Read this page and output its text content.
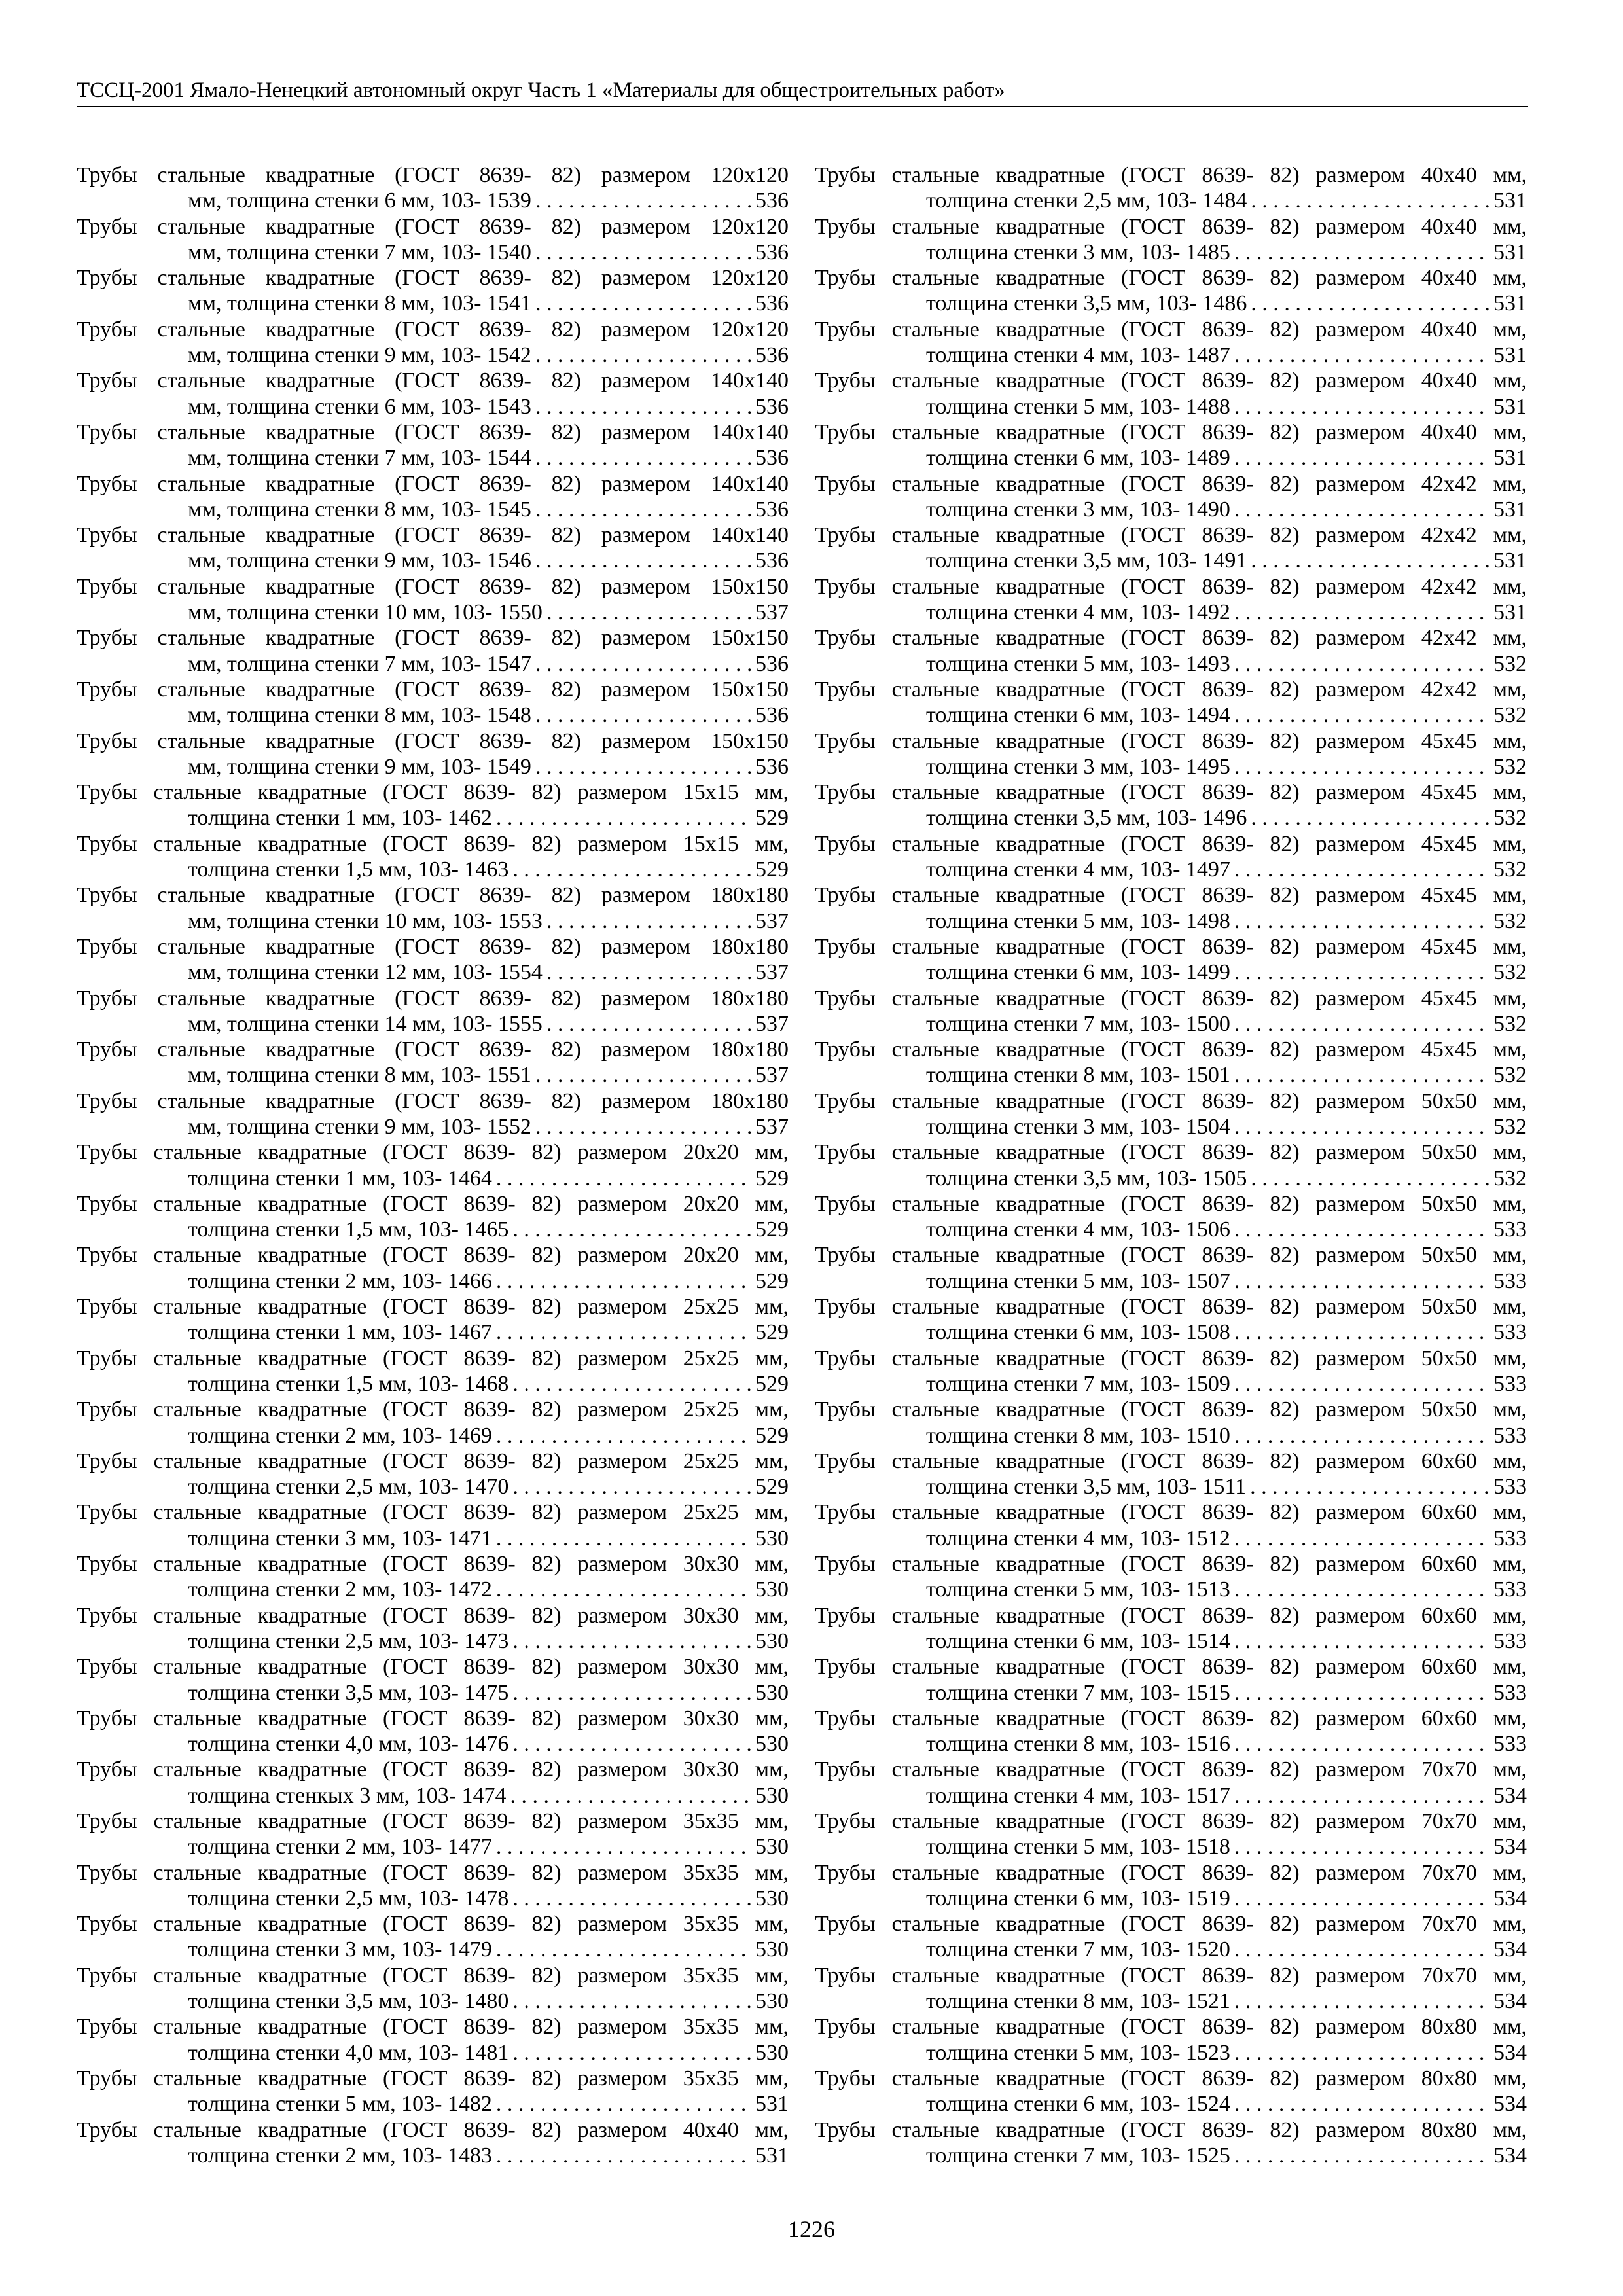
ТССЦ-2001 Ямало-Ненецкий автономный округ Часть 1 «Материалы для общестроительных работ»
Трубы стальные квадратные (ГОСТ 8639- 82) размером 120х120
мм, толщина стенки 6 мм, 103- 1539 . . .	536
Трубы стальные квадратные (ГОСТ 8639- 82) размером 120х120
мм, толщина стенки 7 мм, 103- 1540 . . .	536
Трубы стальные квадратные (ГОСТ 8639- 82) размером 120х120
мм, толщина стенки 8 мм, 103- 1541 . . .	536
Трубы стальные квадратные (ГОСТ 8639- 82) размером 120х120
мм, толщина стенки 9 мм, 103- 1542 . . .	536
Трубы стальные квадратные (ГОСТ 8639- 82) размером 140х140
мм, толщина стенки 6 мм, 103- 1543 . . .	536
Трубы стальные квадратные (ГОСТ 8639- 82) размером 140х140
мм, толщина стенки 7 мм, 103- 1544 . . .	536
Трубы стальные квадратные (ГОСТ 8639- 82) размером 140х140
мм, толщина стенки 8 мм, 103- 1545 . . .	536
Трубы стальные квадратные (ГОСТ 8639- 82) размером 140х140
мм, толщина стенки 9 мм, 103- 1546 . . .	536
Трубы стальные квадратные (ГОСТ 8639- 82) размером 150х150
мм, толщина стенки 10 мм, 103- 1550 . . .	537
Трубы стальные квадратные (ГОСТ 8639- 82) размером 150х150
мм, толщина стенки 7 мм, 103- 1547 . . .	536
Трубы стальные квадратные (ГОСТ 8639- 82) размером 150х150
мм, толщина стенки 8 мм, 103- 1548 . . .	536
Трубы стальные квадратные (ГОСТ 8639- 82) размером 150х150
мм, толщина стенки 9 мм, 103- 1549 . . .	536
Трубы стальные квадратные (ГОСТ 8639- 82) размером 15х15 мм,
толщина стенки 1 мм, 103- 1462 . . .	529
Трубы стальные квадратные (ГОСТ 8639- 82) размером 15х15 мм,
толщина стенки 1,5 мм, 103- 1463 . . .	529
Трубы стальные квадратные (ГОСТ 8639- 82) размером 180х180
мм, толщина стенки 10 мм, 103- 1553 . . .	537
Трубы стальные квадратные (ГОСТ 8639- 82) размером 180х180
мм, толщина стенки 12 мм, 103- 1554 . . .	537
Трубы стальные квадратные (ГОСТ 8639- 82) размером 180х180
мм, толщина стенки 14 мм, 103- 1555 . . .	537
Трубы стальные квадратные (ГОСТ 8639- 82) размером 180х180
мм, толщина стенки 8 мм, 103- 1551 . . .	537
Трубы стальные квадратные (ГОСТ 8639- 82) размером 180х180
мм, толщина стенки 9 мм, 103- 1552 . . .	537
Трубы стальные квадратные (ГОСТ 8639- 82) размером 20х20 мм,
толщина стенки 1 мм, 103- 1464 . . .	529
Трубы стальные квадратные (ГОСТ 8639- 82) размером 20х20 мм,
толщина стенки 1,5 мм, 103- 1465 . . .	529
Трубы стальные квадратные (ГОСТ 8639- 82) размером 20х20 мм,
толщина стенки 2 мм, 103- 1466 . . .	529
Трубы стальные квадратные (ГОСТ 8639- 82) размером 25х25 мм,
толщина стенки 1 мм, 103- 1467 . . .	529
Трубы стальные квадратные (ГОСТ 8639- 82) размером 25х25 мм,
толщина стенки 1,5 мм, 103- 1468 . . .	529
Трубы стальные квадратные (ГОСТ 8639- 82) размером 25х25 мм,
толщина стенки 2 мм, 103- 1469 . . .	529
Трубы стальные квадратные (ГОСТ 8639- 82) размером 25х25 мм,
толщина стенки 2,5 мм, 103- 1470 . . .	529
Трубы стальные квадратные (ГОСТ 8639- 82) размером 25х25 мм,
толщина стенки 3 мм, 103- 1471 . . .	530
Трубы стальные квадратные (ГОСТ 8639- 82) размером 30х30 мм,
толщина стенки 2 мм, 103- 1472 . . .	530
Трубы стальные квадратные (ГОСТ 8639- 82) размером 30х30 мм,
толщина стенки 2,5 мм, 103- 1473 . . .	530
Трубы стальные квадратные (ГОСТ 8639- 82) размером 30х30 мм,
толщина стенки 3,5 мм, 103- 1475 . . .	530
Трубы стальные квадратные (ГОСТ 8639- 82) размером 30х30 мм,
толщина стенки 4,0 мм, 103- 1476 . . .	530
Трубы стальные квадратные (ГОСТ 8639- 82) размером 30х30 мм,
толщина стенкых 3 мм, 103- 1474 . . .	530
Трубы стальные квадратные (ГОСТ 8639- 82) размером 35х35 мм,
толщина стенки 2 мм, 103- 1477 . . .	530
Трубы стальные квадратные (ГОСТ 8639- 82) размером 35х35 мм,
толщина стенки 2,5 мм, 103- 1478 . . .	530
Трубы стальные квадратные (ГОСТ 8639- 82) размером 35х35 мм,
толщина стенки 3 мм, 103- 1479 . . .	530
Трубы стальные квадратные (ГОСТ 8639- 82) размером 35х35 мм,
толщина стенки 3,5 мм, 103- 1480 . . .	530
Трубы стальные квадратные (ГОСТ 8639- 82) размером 35х35 мм,
толщина стенки 4,0 мм, 103- 1481 . . .	530
Трубы стальные квадратные (ГОСТ 8639- 82) размером 35х35 мм,
толщина стенки 5 мм, 103- 1482 . . .	531
Трубы стальные квадратные (ГОСТ 8639- 82) размером 40х40 мм,
толщина стенки 2 мм, 103- 1483 . . .	531
Трубы стальные квадратные (ГОСТ 8639- 82) размером 40х40 мм,
толщина стенки 2,5 мм, 103- 1484 . . .	531
Трубы стальные квадратные (ГОСТ 8639- 82) размером 40х40 мм,
толщина стенки 3 мм, 103- 1485 . . .	531
Трубы стальные квадратные (ГОСТ 8639- 82) размером 40х40 мм,
толщина стенки 3,5 мм, 103- 1486 . . .	531
Трубы стальные квадратные (ГОСТ 8639- 82) размером 40х40 мм,
толщина стенки 4 мм, 103- 1487 . . .	531
Трубы стальные квадратные (ГОСТ 8639- 82) размером 40х40 мм,
толщина стенки 5 мм, 103- 1488 . . .	531
Трубы стальные квадратные (ГОСТ 8639- 82) размером 40х40 мм,
толщина стенки 6 мм, 103- 1489 . . .	531
Трубы стальные квадратные (ГОСТ 8639- 82) размером 42х42 мм,
толщина стенки 3 мм, 103- 1490 . . .	531
Трубы стальные квадратные (ГОСТ 8639- 82) размером 42х42 мм,
толщина стенки 3,5 мм, 103- 1491 . . .	531
Трубы стальные квадратные (ГОСТ 8639- 82) размером 42х42 мм,
толщина стенки 4 мм, 103- 1492 . . .	531
Трубы стальные квадратные (ГОСТ 8639- 82) размером 42х42 мм,
толщина стенки 5 мм, 103- 1493 . . .	532
Трубы стальные квадратные (ГОСТ 8639- 82) размером 42х42 мм,
толщина стенки 6 мм, 103- 1494 . . .	532
Трубы стальные квадратные (ГОСТ 8639- 82) размером 45х45 мм,
толщина стенки 3 мм, 103- 1495 . . .	532
Трубы стальные квадратные (ГОСТ 8639- 82) размером 45х45 мм,
толщина стенки 3,5 мм, 103- 1496 . . .	532
Трубы стальные квадратные (ГОСТ 8639- 82) размером 45х45 мм,
толщина стенки 4 мм, 103- 1497 . . .	532
Трубы стальные квадратные (ГОСТ 8639- 82) размером 45х45 мм,
толщина стенки 5 мм, 103- 1498 . . .	532
Трубы стальные квадратные (ГОСТ 8639- 82) размером 45х45 мм,
толщина стенки 6 мм, 103- 1499 . . .	532
Трубы стальные квадратные (ГОСТ 8639- 82) размером 45х45 мм,
толщина стенки 7 мм, 103- 1500 . . .	532
Трубы стальные квадратные (ГОСТ 8639- 82) размером 45х45 мм,
толщина стенки 8 мм, 103- 1501 . . .	532
Трубы стальные квадратные (ГОСТ 8639- 82) размером 50х50 мм,
толщина стенки 3 мм, 103- 1504 . . .	532
Трубы стальные квадратные (ГОСТ 8639- 82) размером 50х50 мм,
толщина стенки 3,5 мм, 103- 1505 . . .	532
Трубы стальные квадратные (ГОСТ 8639- 82) размером 50х50 мм,
толщина стенки 4 мм, 103- 1506 . . .	533
Трубы стальные квадратные (ГОСТ 8639- 82) размером 50х50 мм,
толщина стенки 5 мм, 103- 1507 . . .	533
Трубы стальные квадратные (ГОСТ 8639- 82) размером 50х50 мм,
толщина стенки 6 мм, 103- 1508 . . .	533
Трубы стальные квадратные (ГОСТ 8639- 82) размером 50х50 мм,
толщина стенки 7 мм, 103- 1509 . . .	533
Трубы стальные квадратные (ГОСТ 8639- 82) размером 50х50 мм,
толщина стенки 8 мм, 103- 1510 . . .	533
Трубы стальные квадратные (ГОСТ 8639- 82) размером 60х60 мм,
толщина стенки 3,5 мм, 103- 1511 . . .	533
Трубы стальные квадратные (ГОСТ 8639- 82) размером 60х60 мм,
толщина стенки 4 мм, 103- 1512 . . .	533
Трубы стальные квадратные (ГОСТ 8639- 82) размером 60х60 мм,
толщина стенки 5 мм, 103- 1513 . . .	533
Трубы стальные квадратные (ГОСТ 8639- 82) размером 60х60 мм,
толщина стенки 6 мм, 103- 1514 . . .	533
Трубы стальные квадратные (ГОСТ 8639- 82) размером 60х60 мм,
толщина стенки 7 мм, 103- 1515 . . .	533
Трубы стальные квадратные (ГОСТ 8639- 82) размером 60х60 мм,
толщина стенки 8 мм, 103- 1516 . . .	533
Трубы стальные квадратные (ГОСТ 8639- 82) размером 70х70 мм,
толщина стенки 4 мм, 103- 1517 . . .	534
Трубы стальные квадратные (ГОСТ 8639- 82) размером 70х70 мм,
толщина стенки 5 мм, 103- 1518 . . .	534
Трубы стальные квадратные (ГОСТ 8639- 82) размером 70х70 мм,
толщина стенки 6 мм, 103- 1519 . . .	534
Трубы стальные квадратные (ГОСТ 8639- 82) размером 70х70 мм,
толщина стенки 7 мм, 103- 1520 . . .	534
Трубы стальные квадратные (ГОСТ 8639- 82) размером 70х70 мм,
толщина стенки 8 мм, 103- 1521 . . .	534
Трубы стальные квадратные (ГОСТ 8639- 82) размером 80х80 мм,
толщина стенки 5 мм, 103- 1523 . . .	534
Трубы стальные квадратные (ГОСТ 8639- 82) размером 80х80 мм,
толщина стенки 6 мм, 103- 1524 . . .	534
Трубы стальные квадратные (ГОСТ 8639- 82) размером 80х80 мм,
толщина стенки 7 мм, 103- 1525 . . .	534
1226
